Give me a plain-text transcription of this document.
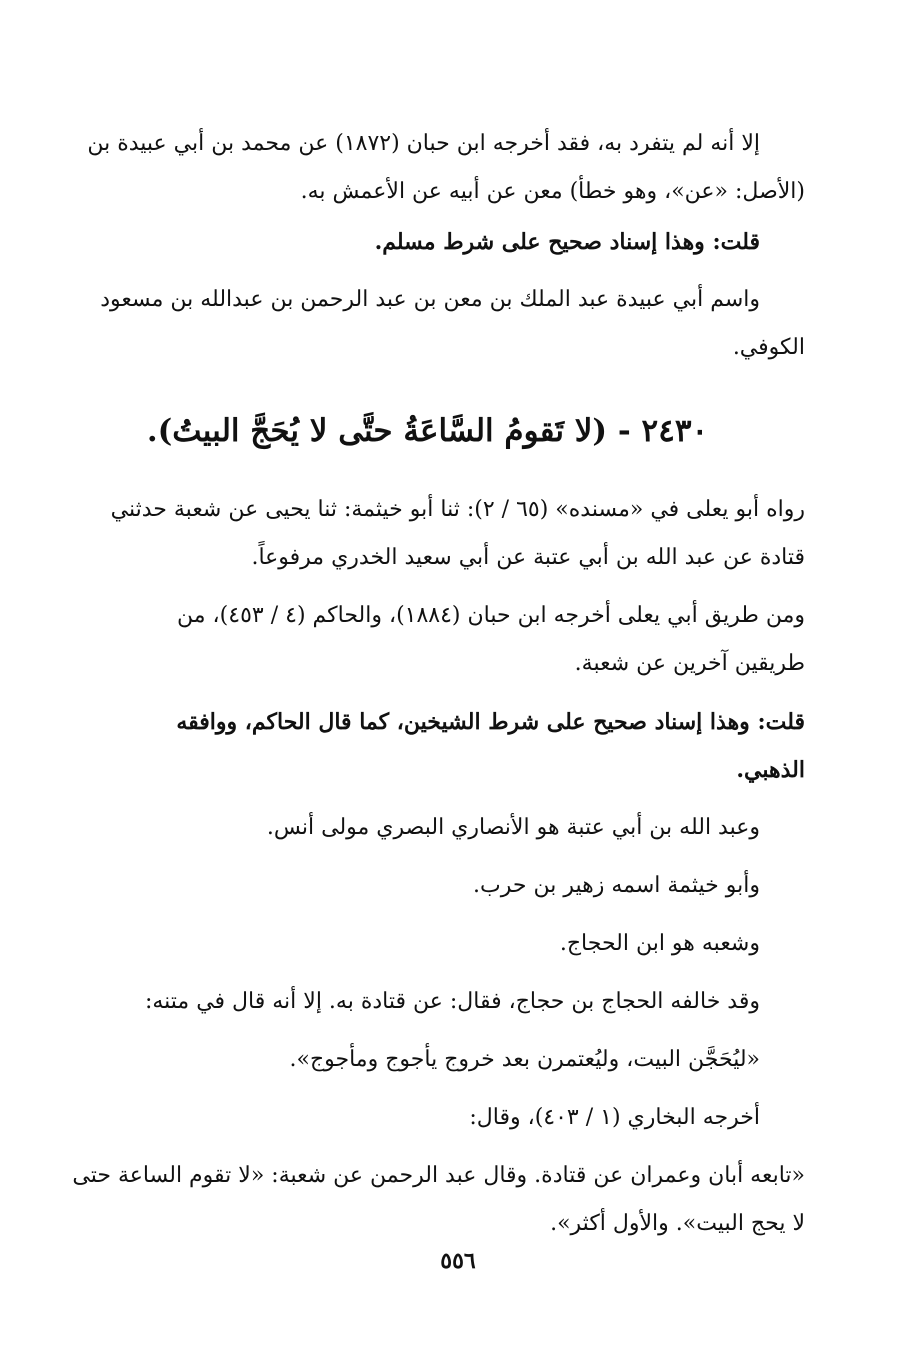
إلا أنه لم يتفرد به، فقد أخرجه ابن حبان (١٨٧٢) عن محمد بن أبي عبيدة بن
(الأصل: «عن»، وهو خطأ) معن عن أبيه عن الأعمش به.

قلت: وهذا إسناد صحيح على شرط مسلم.

واسم أبي عبيدة عبد الملك بن معن بن عبد الرحمن بن عبدالله بن مسعود
الكوفي.

٢٤٣٠ - (لا تَقومُ السَّاعَةُ حتَّى لا يُحَجَّ البيتُ).

رواه أبو يعلى في «مسنده» (٦٥ / ٢): ثنا أبو خيثمة: ثنا يحيى عن شعبة حدثني
قتادة عن عبد الله بن أبي عتبة عن أبي سعيد الخدري مرفوعاً.

ومن طريق أبي يعلى أخرجه ابن حبان (١٨٨٤)، والحاكم (٤ / ٤٥٣)، من
طريقين آخرين عن شعبة.

قلت: وهذا إسناد صحيح على شرط الشيخين، كما قال الحاكم، ووافقه
الذهبي.

وعبد الله بن أبي عتبة هو الأنصاري البصري مولى أنس.

وأبو خيثمة اسمه زهير بن حرب.

وشعبه هو ابن الحجاج.

وقد خالفه الحجاج بن حجاج، فقال: عن قتادة به. إلا أنه قال في متنه:

«ليُحَجَّن البيت، وليُعتمرن بعد خروج يأجوج ومأجوج».

أخرجه البخاري (١ / ٤٠٣)، وقال:

«تابعه أبان وعمران عن قتادة. وقال عبد الرحمن عن شعبة: «لا تقوم الساعة حتى
لا يحج البيت». والأول أكثر».

٥٥٦
